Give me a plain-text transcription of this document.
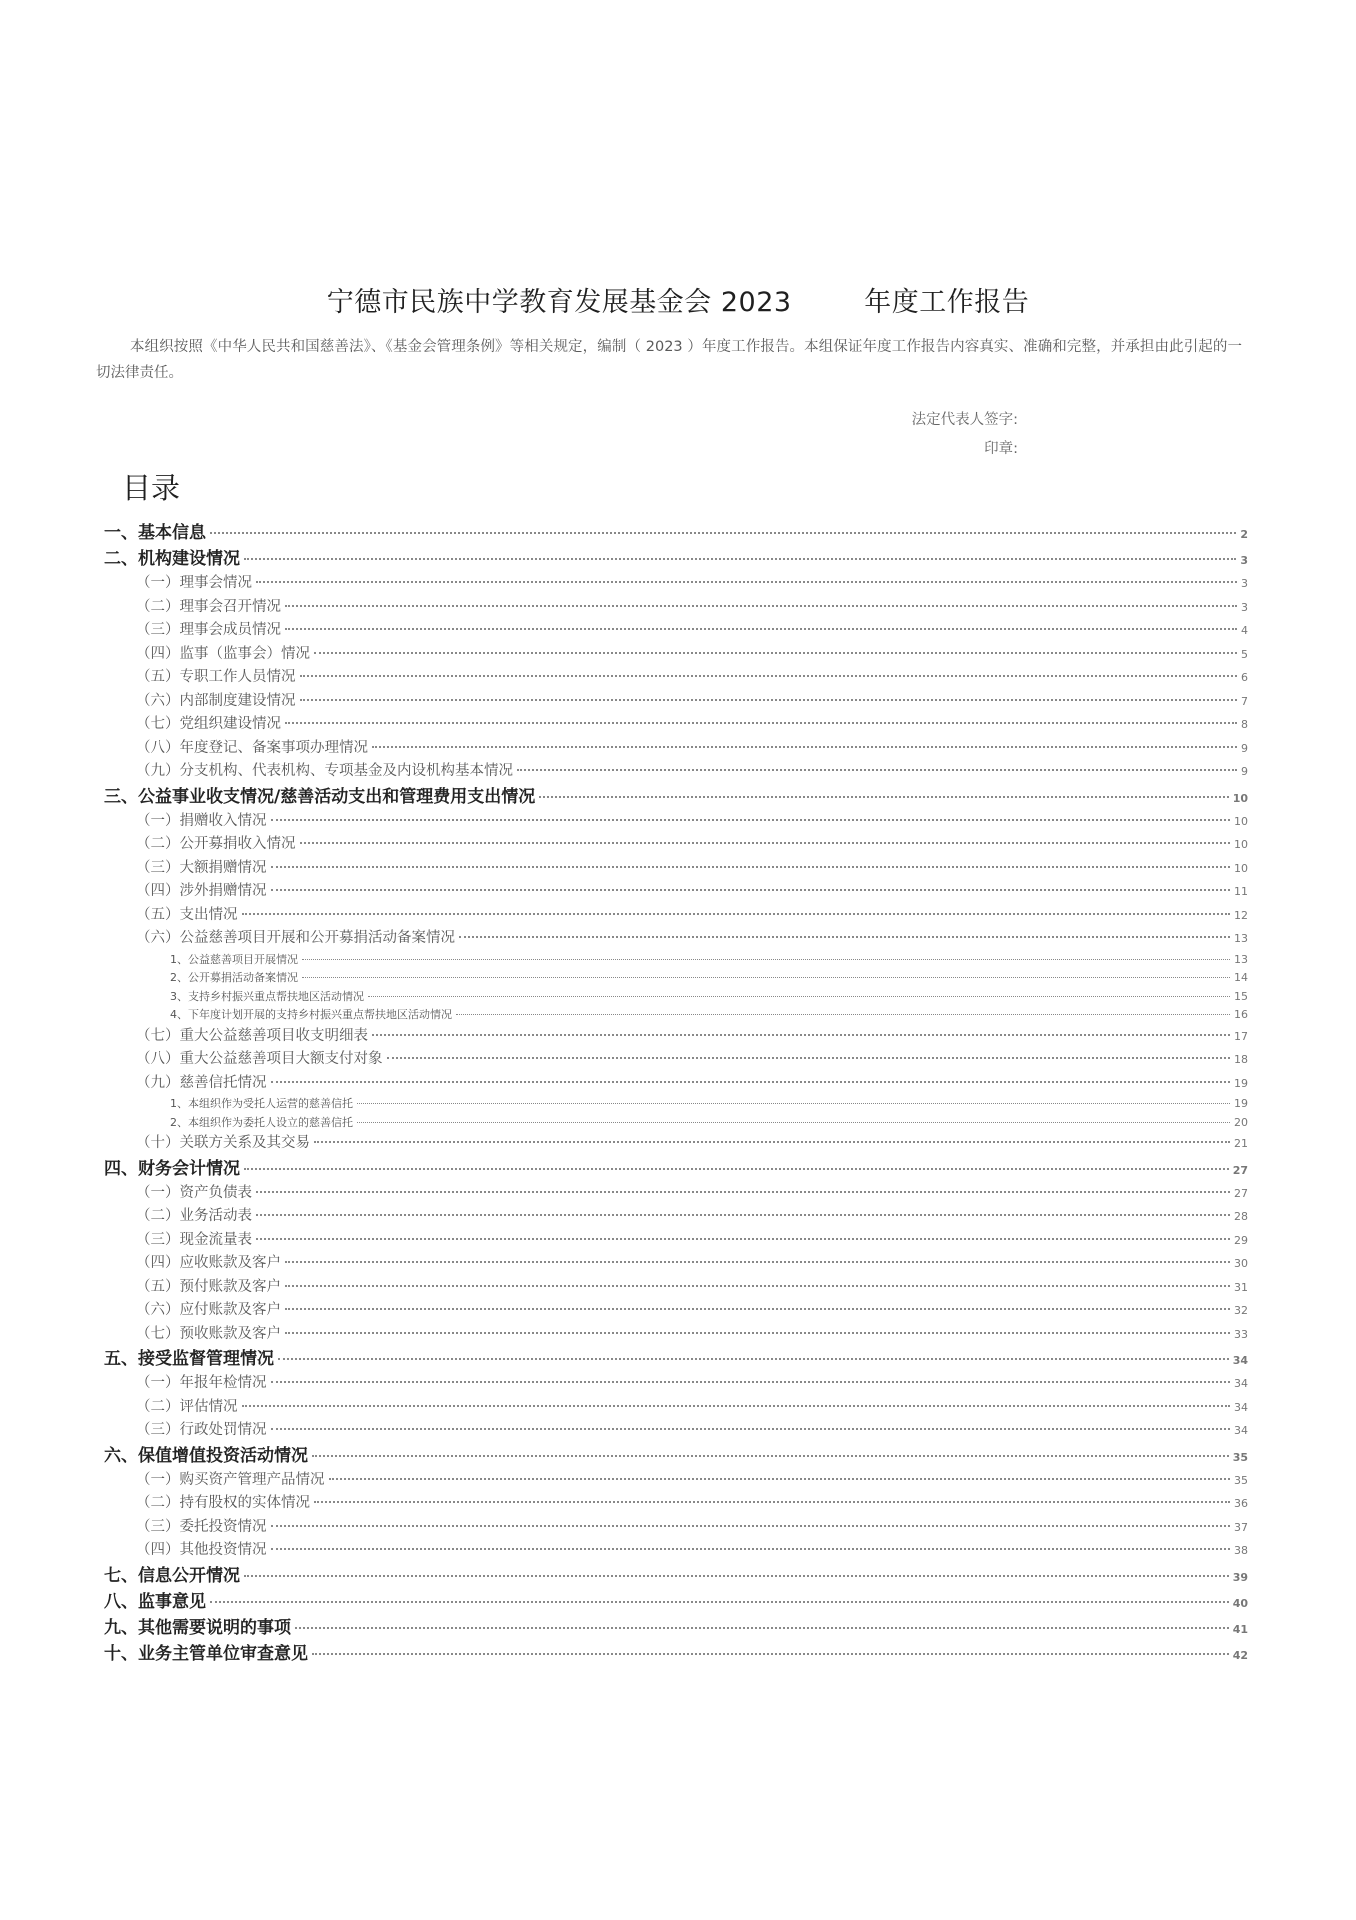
宁德市民族中学教育发展基金会 2023        年度工作报告

本组织按照《中华人民共和国慈善法》、《基金会管理条例》等相关规定，编制（ 2023 ）年度工作报告。本组保证年度工作报告内容真实、准确和完整，并承担由此引起的一切法律责任。

法定代表人签字:
印章:
目录
一、基本信息	2
二、机构建设情况	3
（一）理事会情况	3
（二）理事会召开情况	3
（三）理事会成员情况	4
（四）监事（监事会）情况	5
（五）专职工作人员情况	6
（六）内部制度建设情况	7
（七）党组织建设情况	8
（八）年度登记、备案事项办理情况	9
（九）分支机构、代表机构、专项基金及内设机构基本情况	9
三、公益事业收支情况/慈善活动支出和管理费用支出情况	10
（一）捐赠收入情况	10
（二）公开募捐收入情况	10
（三）大额捐赠情况	10
（四）涉外捐赠情况	11
（五）支出情况	12
（六）公益慈善项目开展和公开募捐活动备案情况	13
1、公益慈善项目开展情况	13
2、公开募捐活动备案情况	14
3、支持乡村振兴重点帮扶地区活动情况	15
4、下年度计划开展的支持乡村振兴重点帮扶地区活动情况	16
（七）重大公益慈善项目收支明细表	17
（八）重大公益慈善项目大额支付对象	18
（九）慈善信托情况	19
1、本组织作为受托人运营的慈善信托	19
2、本组织作为委托人设立的慈善信托	20
（十）关联方关系及其交易	21
四、财务会计情况	27
（一）资产负债表	27
（二）业务活动表	28
（三）现金流量表	29
（四）应收账款及客户	30
（五）预付账款及客户	31
（六）应付账款及客户	32
（七）预收账款及客户	33
五、接受监督管理情况	34
（一）年报年检情况	34
（二）评估情况	34
（三）行政处罚情况	34
六、保值增值投资活动情况	35
（一）购买资产管理产品情况	35
（二）持有股权的实体情况	36
（三）委托投资情况	37
（四）其他投资情况	38
七、信息公开情况	39
八、监事意见	40
九、其他需要说明的事项	41
十、业务主管单位审查意见	42
